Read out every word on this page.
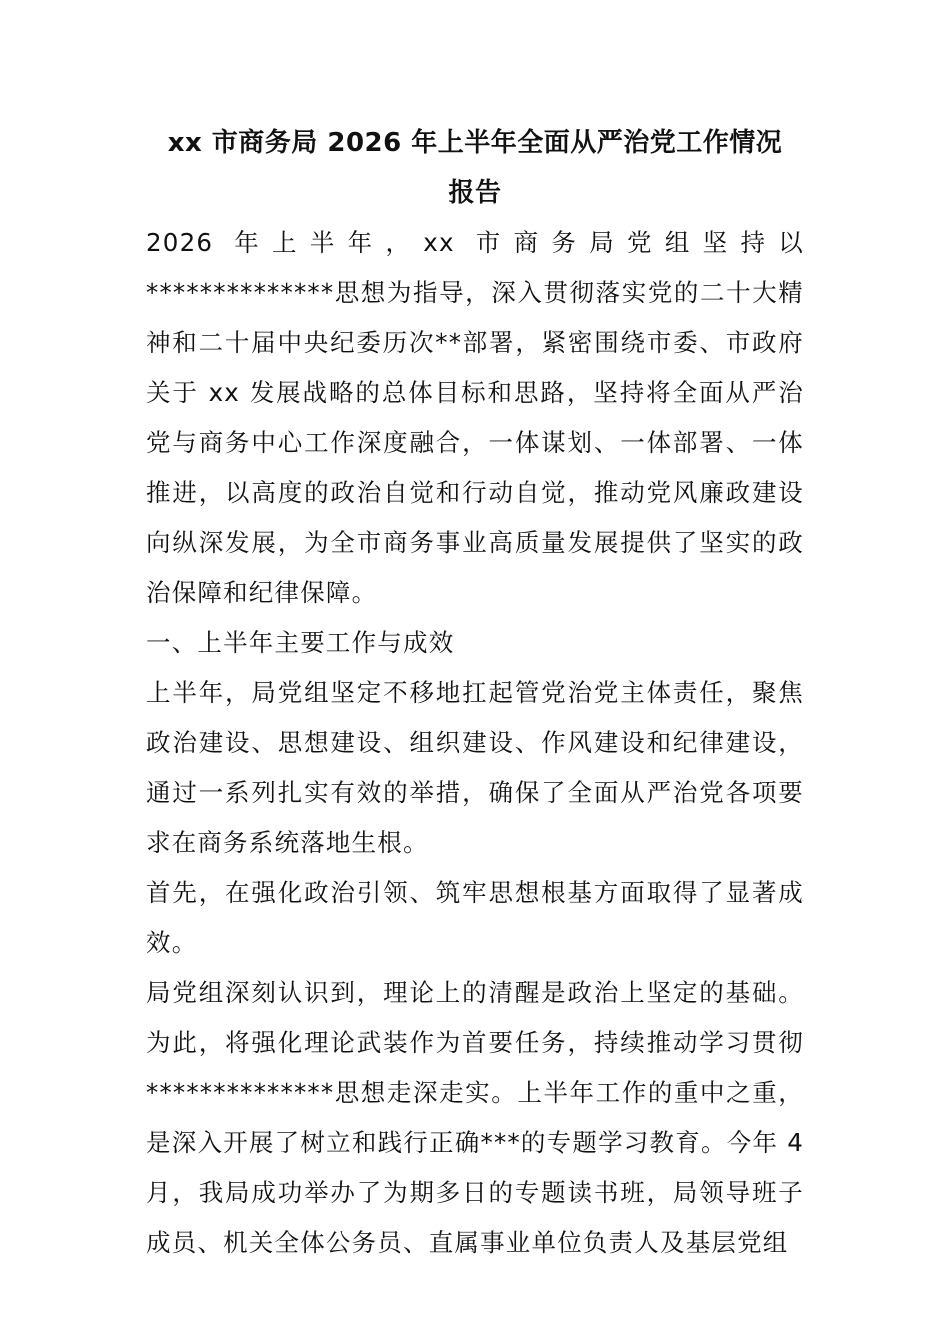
xx 市商务局 2026 年上半年全面从严治党工作情况
报告

2026 年上半年，xx 市商务局党组坚持以**************思想为指导，深入贯彻落实党的二十大精神和二十届中央纪委历次**部署，紧密围绕市委、市政府关于 xx 发展战略的总体目标和思路，坚持将全面从严治党与商务中心工作深度融合，一体谋划、一体部署、一体推进，以高度的政治自觉和行动自觉，推动党风廉政建设向纵深发展，为全市商务事业高质量发展提供了坚实的政治保障和纪律保障。

一、上半年主要工作与成效

上半年，局党组坚定不移地扛起管党治党主体责任，聚焦政治建设、思想建设、组织建设、作风建设和纪律建设，通过一系列扎实有效的举措，确保了全面从严治党各项要求在商务系统落地生根。

首先，在强化政治引领、筑牢思想根基方面取得了显著成效。

局党组深刻认识到，理论上的清醒是政治上坚定的基础。为此，将强化理论武装作为首要任务，持续推动学习贯彻**************思想走深走实。上半年工作的重中之重，是深入开展了树立和践行正确***的专题学习教育。今年 4 月，我局成功举办了为期多日的专题读书班，局领导班子成员、机关全体公务员、直属事业单位负责人及基层党组
